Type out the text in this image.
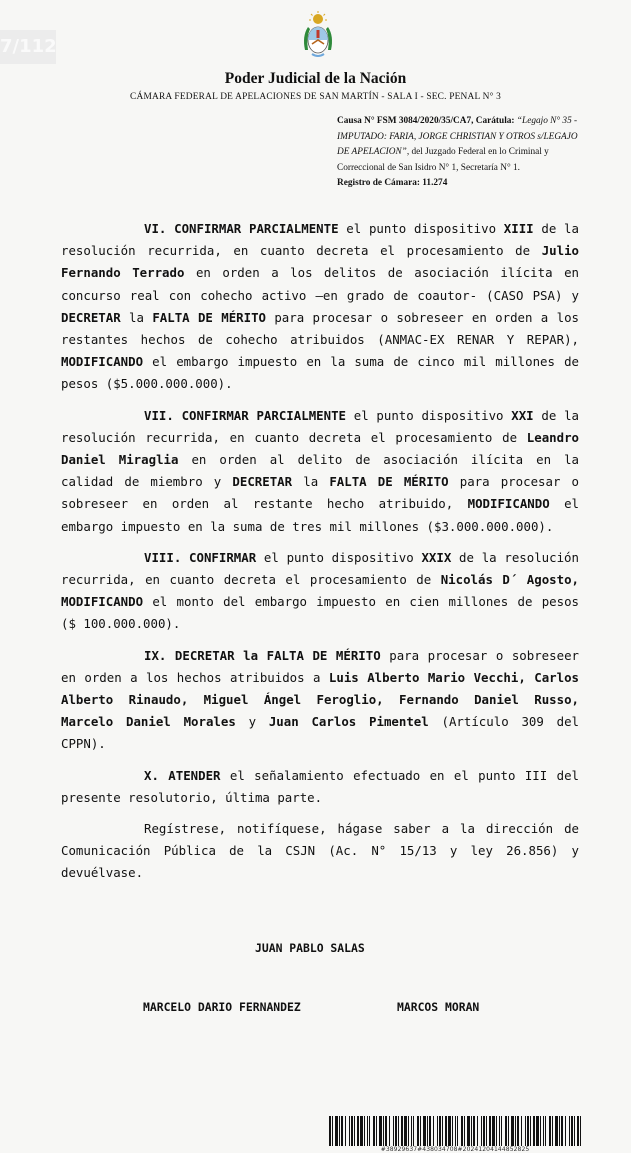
7/112
Poder Judicial de la Nación
CÁMARA FEDERAL DE APELACIONES DE SAN MARTÍN - SALA I - SEC. PENAL N° 3
Causa N° FSM 3084/2020/35/CA7, Carátula: “Legajo N° 35 - IMPUTADO: FARIA, JORGE CHRISTIAN Y OTROS s/LEGAJO DE APELACION”, del Juzgado Federal en lo Criminal y Correccional de San Isidro N° 1, Secretaría N° 1.
Registro de Cámara: 11.274

VI. CONFIRMAR PARCIALMENTE el punto dispositivo XIII de la resolución recurrida, en cuanto decreta el procesamiento de Julio Fernando Terrado en orden a los delitos de asociación ilícita en concurso real con cohecho activo –en grado de coautor- (CASO PSA) y DECRETAR la FALTA DE MÉRITO para procesar o sobreseer en orden a los restantes hechos de cohecho atribuidos (ANMAC-EX RENAR Y REPAR), MODIFICANDO el embargo impuesto en la suma de cinco mil millones de pesos ($5.000.000.000).

VII. CONFIRMAR PARCIALMENTE el punto dispositivo XXI de la resolución recurrida, en cuanto decreta el procesamiento de Leandro Daniel Miraglia en orden al delito de asociación ilícita en la calidad de miembro y DECRETAR la FALTA DE MÉRITO para procesar o sobreseer en orden al restante hecho atribuido, MODIFICANDO el embargo impuesto en la suma de tres mil millones ($3.000.000.000).

VIII. CONFIRMAR el punto dispositivo XXIX de la resolución recurrida, en cuanto decreta el procesamiento de Nicolás D´ Agosto, MODIFICANDO el monto del embargo impuesto en cien millones de pesos ($ 100.000.000).

IX. DECRETAR la FALTA DE MÉRITO para procesar o sobreseer en orden a los hechos atribuidos a Luis Alberto Mario Vecchi, Carlos Alberto Rinaudo, Miguel Ángel Feroglio, Fernando Daniel Russo, Marcelo Daniel Morales y Juan Carlos Pimentel (Artículo 309 del CPPN).

X. ATENDER el señalamiento efectuado en el punto III del presente resolutorio, última parte.

Regístrese, notifíquese, hágase saber a la dirección de Comunicación Pública de la CSJN (Ac. N° 15/13 y ley 26.856) y devuélvase.

JUAN PABLO SALAS
MARCELO DARIO FERNANDEZ	MARCOS MORAN
#38929637#438034708#20241204144852825
